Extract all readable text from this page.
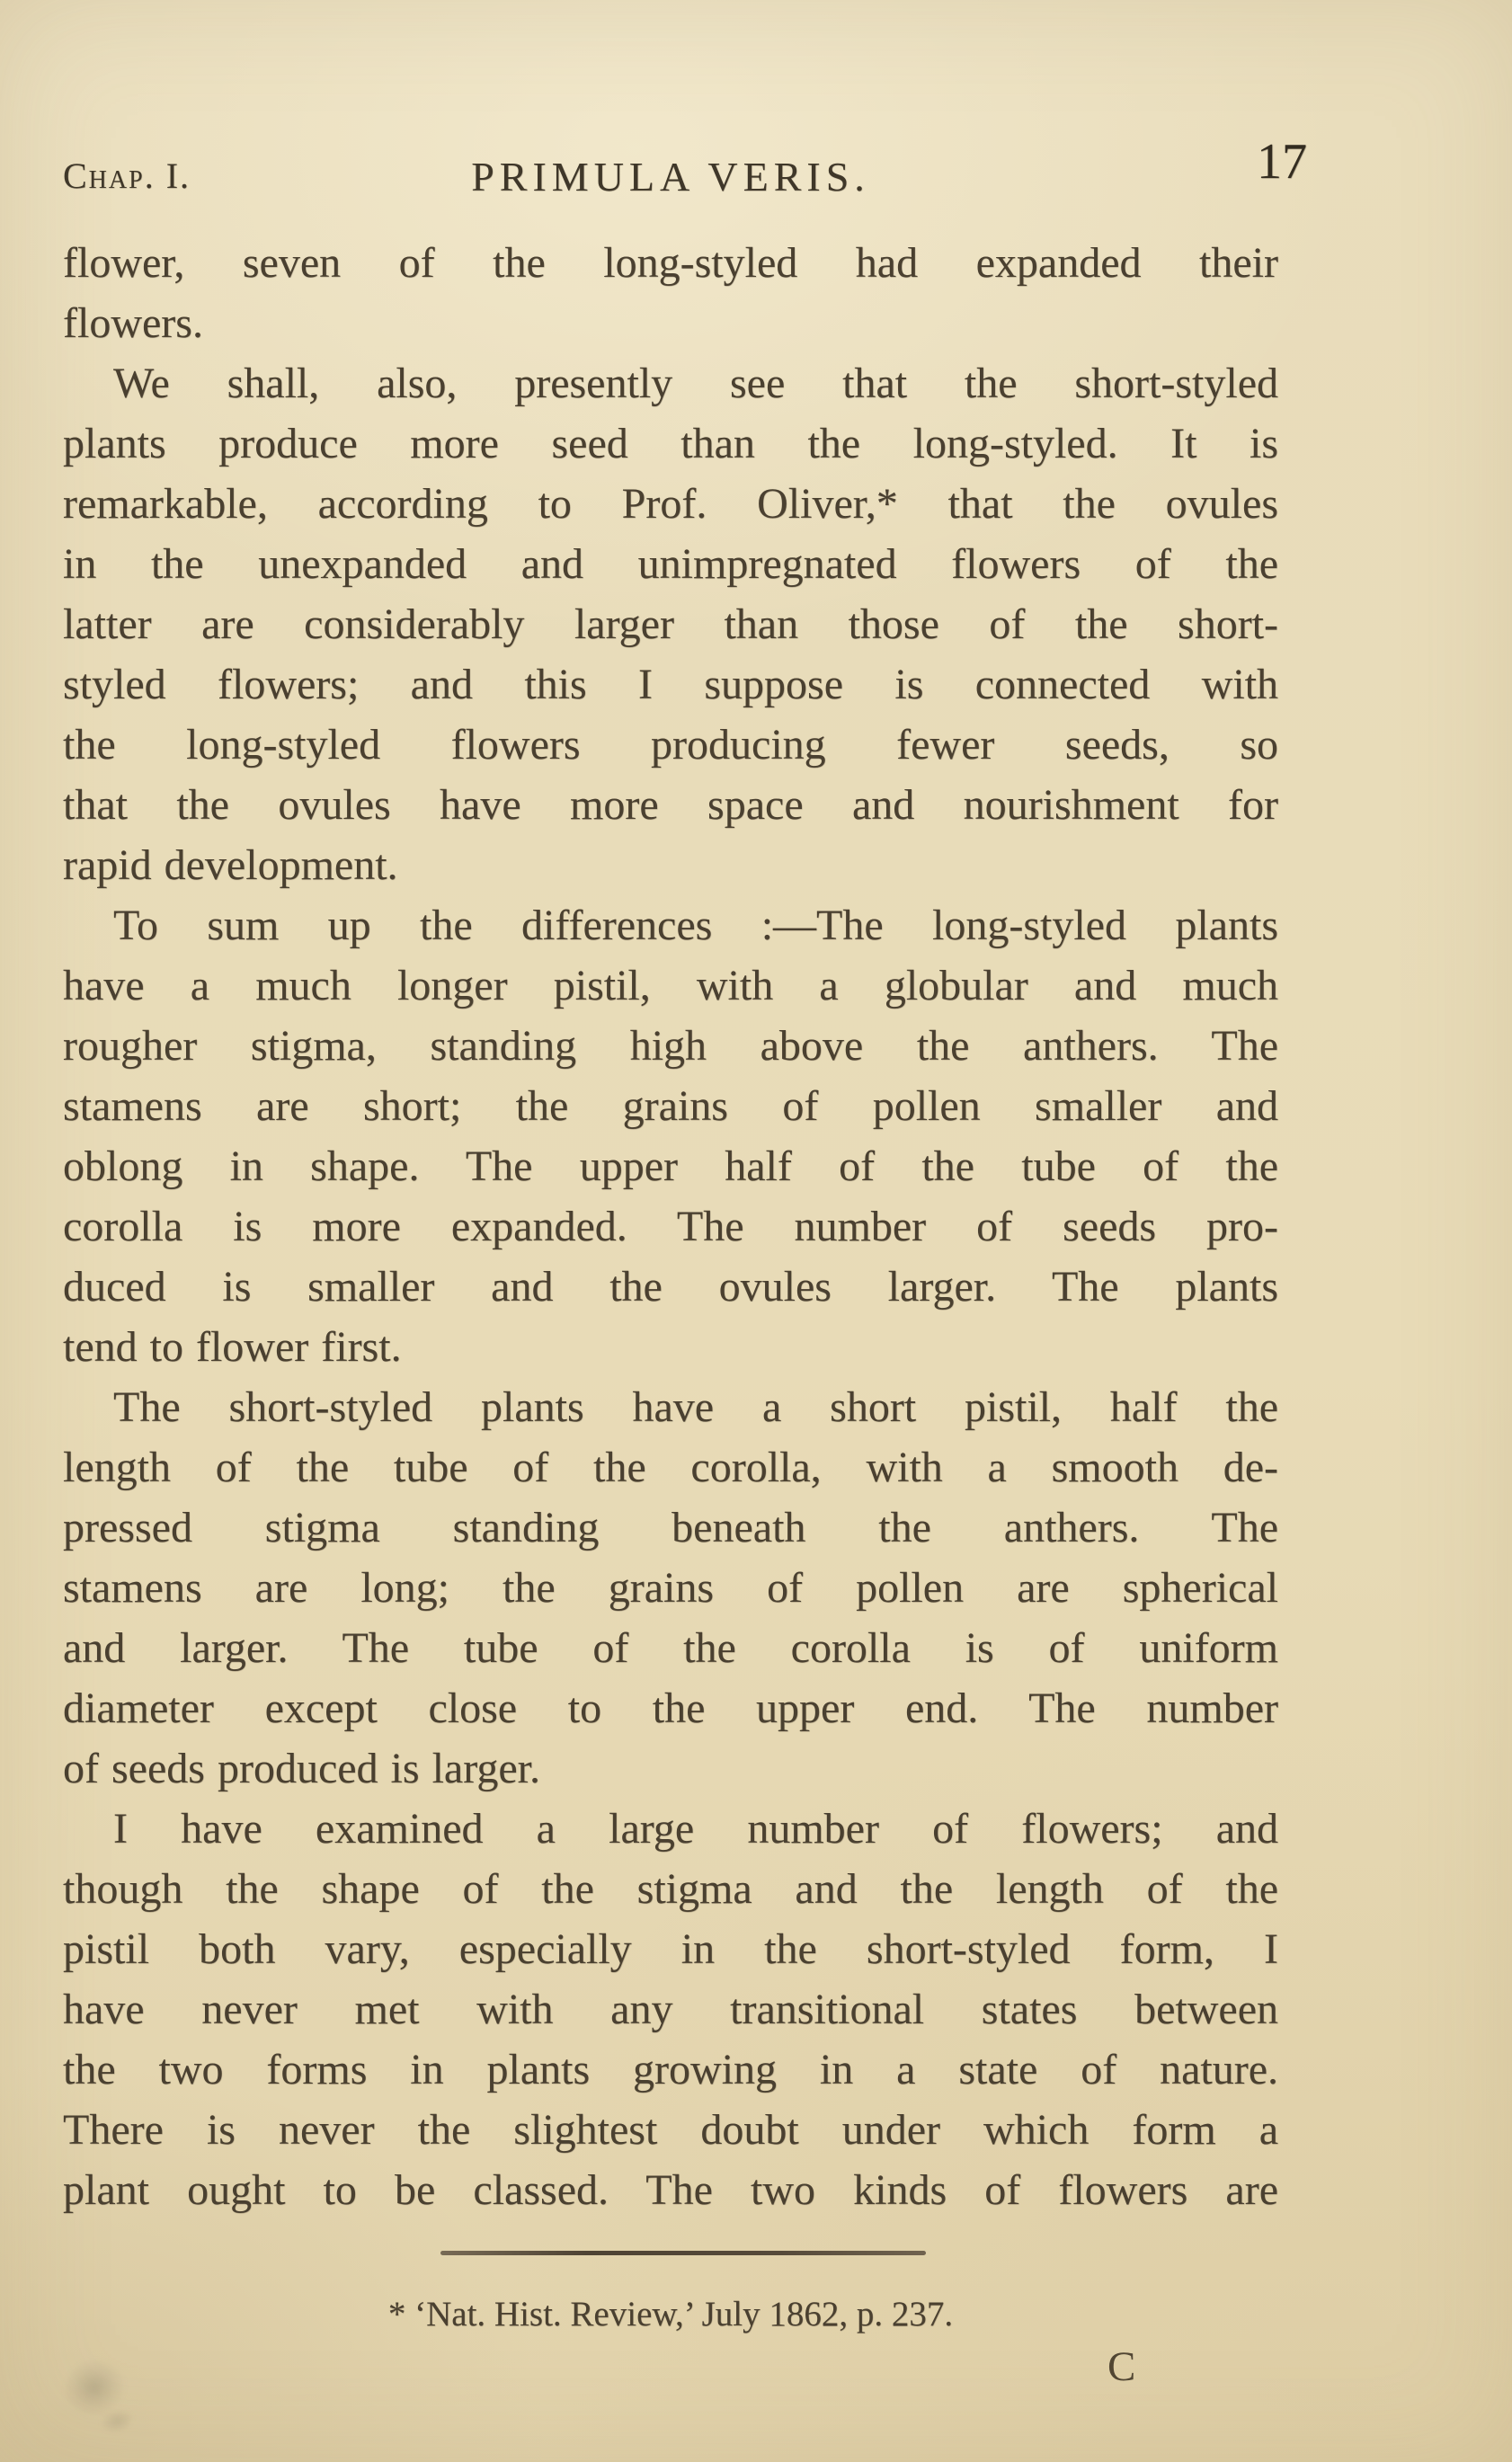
Chap. I.	PRIMULA VERIS.	17
flower, seven of the long-styled had expanded their
flowers.
We shall, also, presently see that the short-styled
plants produce more seed than the long-styled. It is
remarkable, according to Prof. Oliver,* that the ovules
in the unexpanded and unimpregnated flowers of the
latter are considerably larger than those of the short-
styled flowers; and this I suppose is connected with
the long-styled flowers producing fewer seeds, so
that the ovules have more space and nourishment for
rapid development.
To sum up the differences :—The long-styled plants
have a much longer pistil, with a globular and much
rougher stigma, standing high above the anthers. The
stamens are short; the grains of pollen smaller and
oblong in shape. The upper half of the tube of the
corolla is more expanded. The number of seeds pro-
duced is smaller and the ovules larger. The plants
tend to flower first.
The short-styled plants have a short pistil, half the
length of the tube of the corolla, with a smooth de-
pressed stigma standing beneath the anthers. The
stamens are long; the grains of pollen are spherical
and larger. The tube of the corolla is of uniform
diameter except close to the upper end. The number
of seeds produced is larger.
I have examined a large number of flowers; and
though the shape of the stigma and the length of the
pistil both vary, especially in the short-styled form, I
have never met with any transitional states between
the two forms in plants growing in a state of nature.
There is never the slightest doubt under which form a
plant ought to be classed. The two kinds of flowers are
* ‘Nat. Hist. Review,’ July 1862, p. 237.
C
